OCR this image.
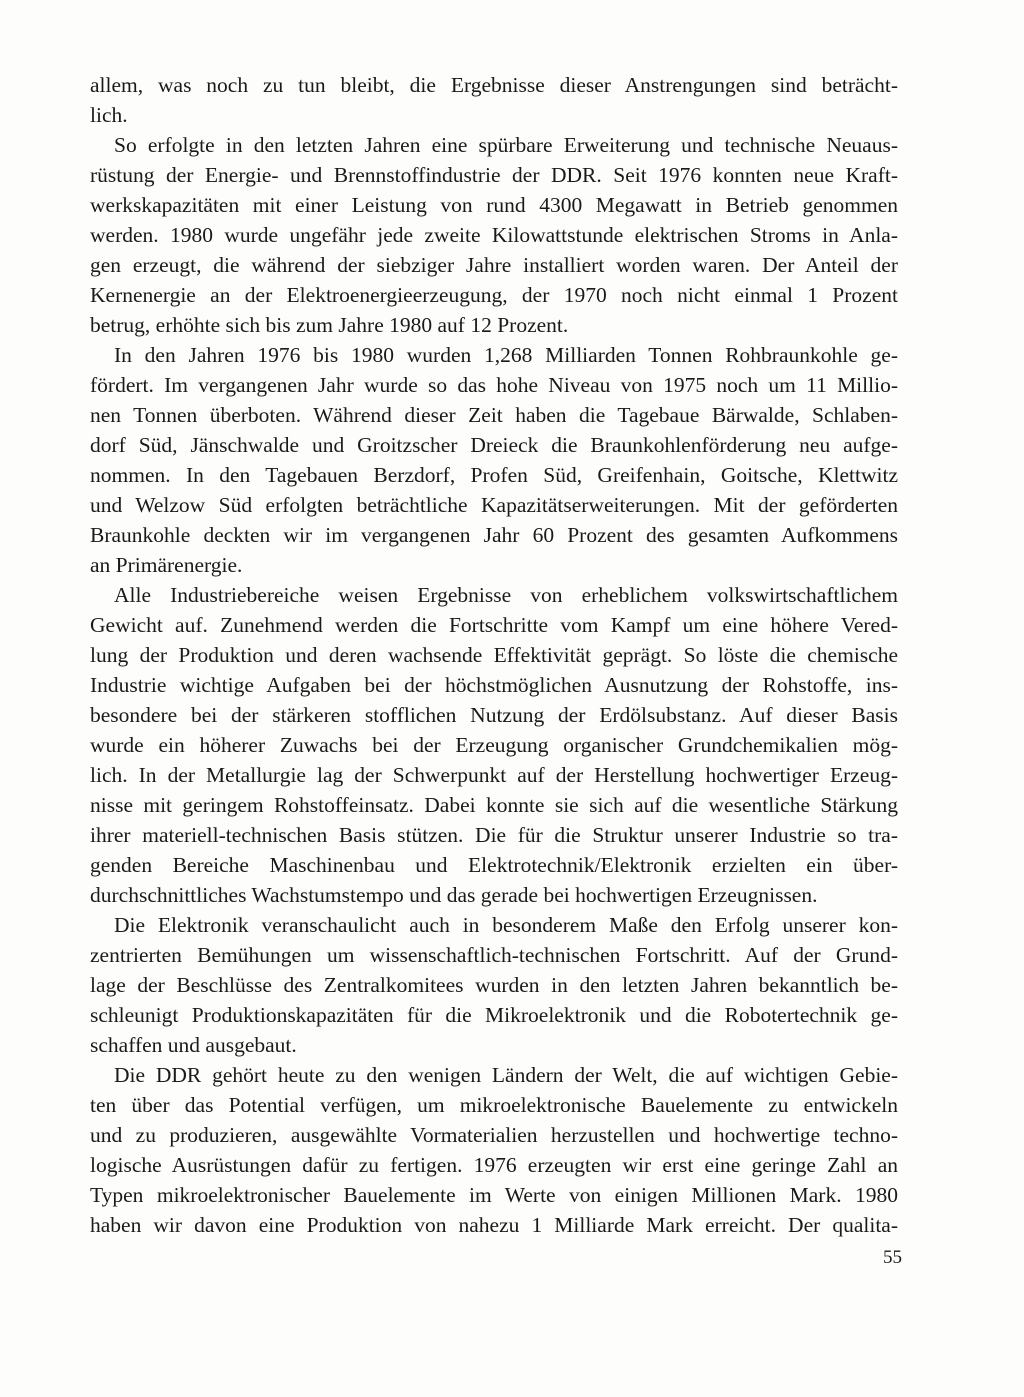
allem, was noch zu tun bleibt, die Ergebnisse dieser Anstrengungen sind beträcht-
lich.
So erfolgte in den letzten Jahren eine spürbare Erweiterung und technische Neuaus-
rüstung der Energie- und Brennstoffindustrie der DDR. Seit 1976 konnten neue Kraft-
werkskapazitäten mit einer Leistung von rund 4300 Megawatt in Betrieb genommen
werden. 1980 wurde ungefähr jede zweite Kilowattstunde elektrischen Stroms in Anla-
gen erzeugt, die während der siebziger Jahre installiert worden waren. Der Anteil der
Kernenergie an der Elektroenergieerzeugung, der 1970 noch nicht einmal 1 Prozent
betrug, erhöhte sich bis zum Jahre 1980 auf 12 Prozent.
In den Jahren 1976 bis 1980 wurden 1,268 Milliarden Tonnen Rohbraunkohle ge-
fördert. Im vergangenen Jahr wurde so das hohe Niveau von 1975 noch um 11 Millio-
nen Tonnen überboten. Während dieser Zeit haben die Tagebaue Bärwalde, Schlaben-
dorf Süd, Jänschwalde und Groitzscher Dreieck die Braunkohlenförderung neu aufge-
nommen. In den Tagebauen Berzdorf, Profen Süd, Greifenhain, Goitsche, Klettwitz
und Welzow Süd erfolgten beträchtliche Kapazitätserweiterungen. Mit der geförderten
Braunkohle deckten wir im vergangenen Jahr 60 Prozent des gesamten Aufkommens
an Primärenergie.
Alle Industriebereiche weisen Ergebnisse von erheblichem volkswirtschaftlichem
Gewicht auf. Zunehmend werden die Fortschritte vom Kampf um eine höhere Vered-
lung der Produktion und deren wachsende Effektivität geprägt. So löste die chemische
Industrie wichtige Aufgaben bei der höchstmöglichen Ausnutzung der Rohstoffe, ins-
besondere bei der stärkeren stofflichen Nutzung der Erdölsubstanz. Auf dieser Basis
wurde ein höherer Zuwachs bei der Erzeugung organischer Grundchemikalien mög-
lich. In der Metallurgie lag der Schwerpunkt auf der Herstellung hochwertiger Erzeug-
nisse mit geringem Rohstoffeinsatz. Dabei konnte sie sich auf die wesentliche Stärkung
ihrer materiell-technischen Basis stützen. Die für die Struktur unserer Industrie so tra-
genden Bereiche Maschinenbau und Elektrotechnik/Elektronik erzielten ein über-
durchschnittliches Wachstumstempo und das gerade bei hochwertigen Erzeugnissen.
Die Elektronik veranschaulicht auch in besonderem Maße den Erfolg unserer kon-
zentrierten Bemühungen um wissenschaftlich-technischen Fortschritt. Auf der Grund-
lage der Beschlüsse des Zentralkomitees wurden in den letzten Jahren bekanntlich be-
schleunigt Produktionskapazitäten für die Mikroelektronik und die Robotertechnik ge-
schaffen und ausgebaut.
Die DDR gehört heute zu den wenigen Ländern der Welt, die auf wichtigen Gebie-
ten über das Potential verfügen, um mikroelektronische Bauelemente zu entwickeln
und zu produzieren, ausgewählte Vormaterialien herzustellen und hochwertige techno-
logische Ausrüstungen dafür zu fertigen. 1976 erzeugten wir erst eine geringe Zahl an
Typen mikroelektronischer Bauelemente im Werte von einigen Millionen Mark. 1980
haben wir davon eine Produktion von nahezu 1 Milliarde Mark erreicht. Der qualita-
55
